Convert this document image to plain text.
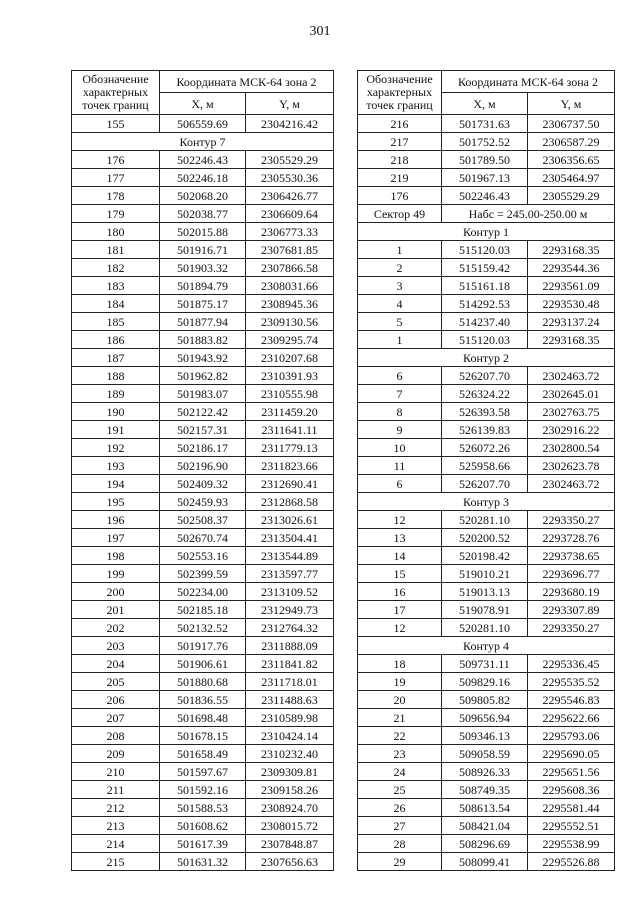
301
Обозначение характерных точек границ	Координата МСК-64 зона 2	
	X, м	Y, м
155	506559.69	2304216.42
Контур 7		
176	502246.43	2305529.29
177	502246.18	2305530.36
178	502068.20	2306426.77
179	502038.77	2306609.64
180	502015.88	2306773.33
181	501916.71	2307681.85
182	501903.32	2307866.58
183	501894.79	2308031.66
184	501875.17	2308945.36
185	501877.94	2309130.56
186	501883.82	2309295.74
187	501943.92	2310207.68
188	501962.82	2310391.93
189	501983.07	2310555.98
190	502122.42	2311459.20
191	502157.31	2311641.11
192	502186.17	2311779.13
193	502196.90	2311823.66
194	502409.32	2312690.41
195	502459.93	2312868.58
196	502508.37	2313026.61
197	502670.74	2313504.41
198	502553.16	2313544.89
199	502399.59	2313597.77
200	502234.00	2313109.52
201	502185.18	2312949.73
202	502132.52	2312764.32
203	501917.76	2311888.09
204	501906.61	2311841.82
205	501880.68	2311718.01
206	501836.55	2311488.63
207	501698.48	2310589.98
208	501678.15	2310424.14
209	501658.49	2310232.40
210	501597.67	2309309.81
211	501592.16	2309158.26
212	501588.53	2308924.70
213	501608.62	2308015.72
214	501617.39	2307848.87
215	501631.32	2307656.63
Обозначение характерных точек границ	Координата МСК-64 зона 2	
	X, м	Y, м
216	501731.63	2306737.50
217	501752.52	2306587.29
218	501789.50	2306356.65
219	501967.13	2305464.97
176	502246.43	2305529.29
Сектор 49	Набс = 245.00-250.00 м	
Контур 1		
1	515120.03	2293168.35
2	515159.42	2293544.36
3	515161.18	2293561.09
4	514292.53	2293530.48
5	514237.40	2293137.24
1	515120.03	2293168.35
Контур 2		
6	526207.70	2302463.72
7	526324.22	2302645.01
8	526393.58	2302763.75
9	526139.83	2302916.22
10	526072.26	2302800.54
11	525958.66	2302623.78
6	526207.70	2302463.72
Контур 3		
12	520281.10	2293350.27
13	520200.52	2293728.76
14	520198.42	2293738.65
15	519010.21	2293696.77
16	519013.13	2293680.19
17	519078.91	2293307.89
12	520281.10	2293350.27
Контур 4		
18	509731.11	2295336.45
19	509829.16	2295535.52
20	509805.82	2295546.83
21	509656.94	2295622.66
22	509346.13	2295793.06
23	509058.59	2295690.05
24	508926.33	2295651.56
25	508749.35	2295608.36
26	508613.54	2295581.44
27	508421.04	2295552.51
28	508296.69	2295538.99
29	508099.41	2295526.88
